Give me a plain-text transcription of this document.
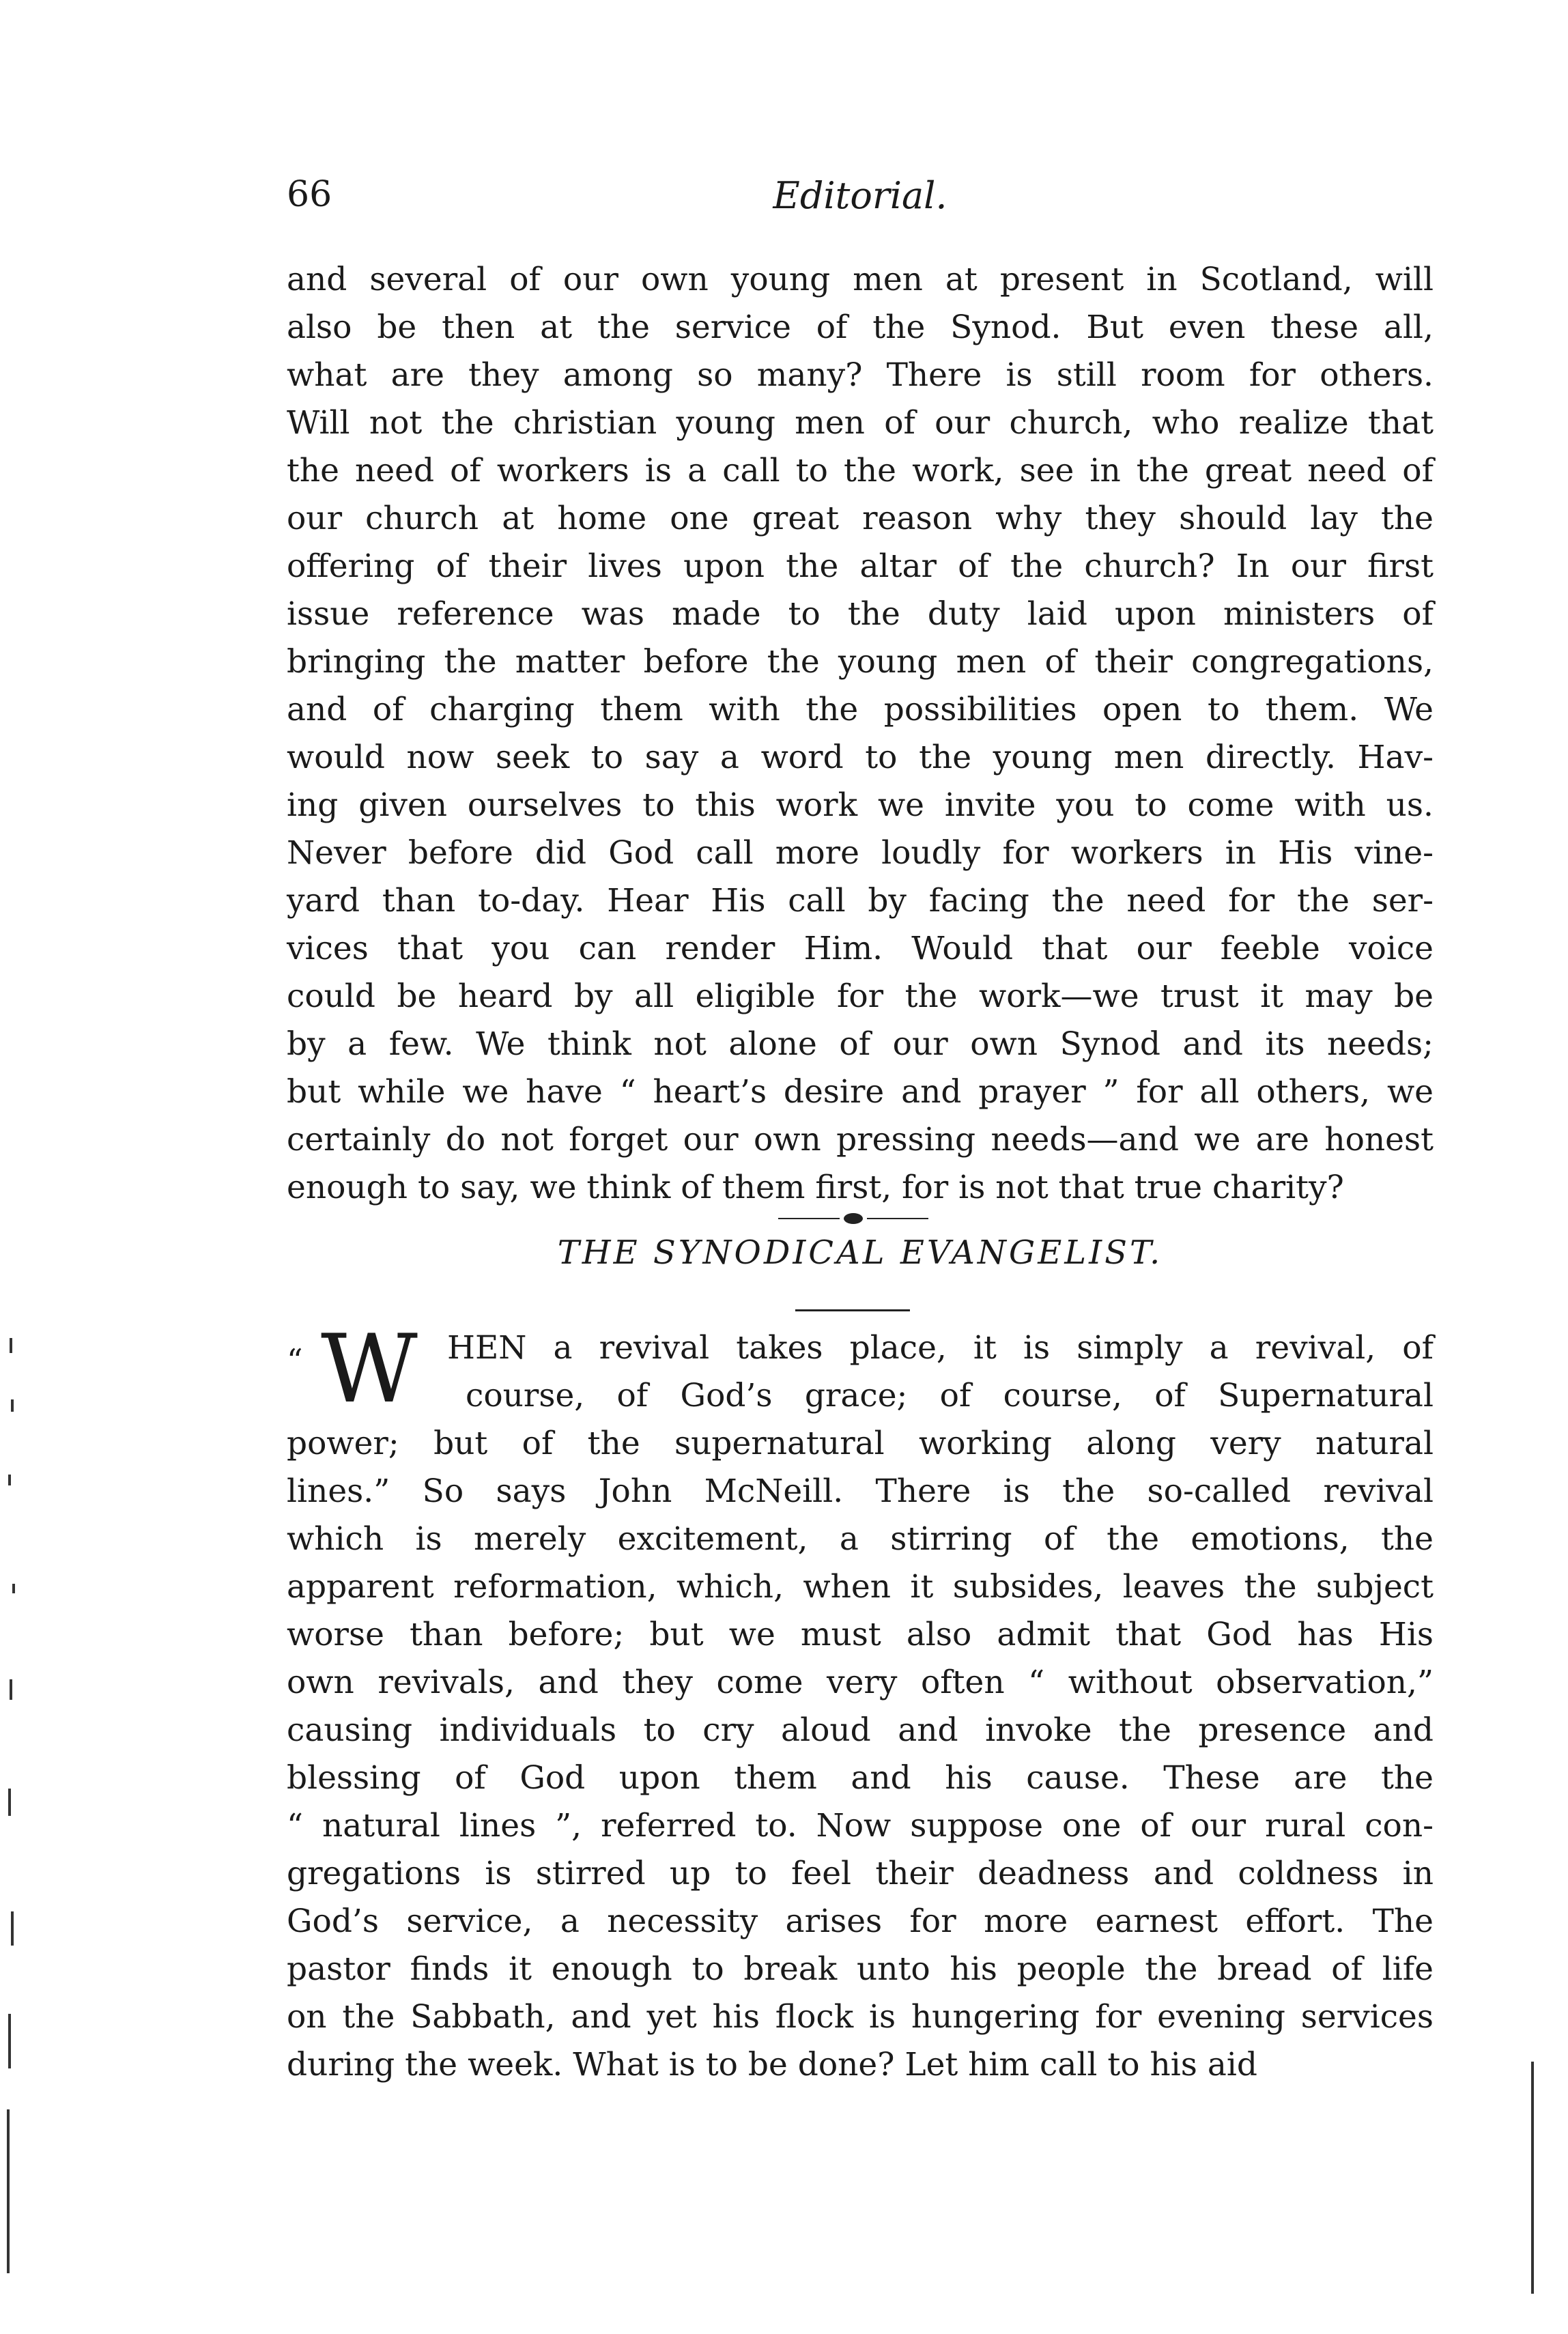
66	Editorial.
and several of our own young men at present in Scotland, will
also be then at the service of the Synod. But even these all,
what are they among so many? There is still room for others.
Will not the christian young men of our church, who realize that
the need of workers is a call to the work, see in the great need of
our church at home one great reason why they should lay the
offering of their lives upon the altar of the church? In our first
issue reference was made to the duty laid upon ministers of
bringing the matter before the young men of their congregations,
and of charging them with the possibilities open to them. We
would now seek to say a word to the young men directly. Hav-
ing given ourselves to this work we invite you to come with us.
Never before did God call more loudly for workers in His vine-
yard than to-day. Hear His call by facing the need for the ser-
vices that you can render Him. Would that our feeble voice
could be heard by all eligible for the work—we trust it may be
by a few. We think not alone of our own Synod and its needs;
but while we have “ heart’s desire and prayer ” for all others, we
certainly do not forget our own pressing needs—and we are honest
enough to say, we think of them first, for is not that true charity?
THE SYNODICAL EVANGELIST.
“ W HEN a revival takes place, it is simply a revival, of
course, of God’s grace; of course, of Supernatural
power; but of the supernatural working along very natural
lines.” So says John McNeill. There is the so-called revival
which is merely excitement, a stirring of the emotions, the
apparent reformation, which, when it subsides, leaves the subject
worse than before; but we must also admit that God has His
own revivals, and they come very often “ without observation,”
causing individuals to cry aloud and invoke the presence and
blessing of God upon them and his cause. These are the
“ natural lines ”, referred to. Now suppose one of our rural con-
gregations is stirred up to feel their deadness and coldness in
God’s service, a necessity arises for more earnest effort. The
pastor finds it enough to break unto his people the bread of life
on the Sabbath, and yet his flock is hungering for evening services
during the week. What is to be done? Let him call to his aid
